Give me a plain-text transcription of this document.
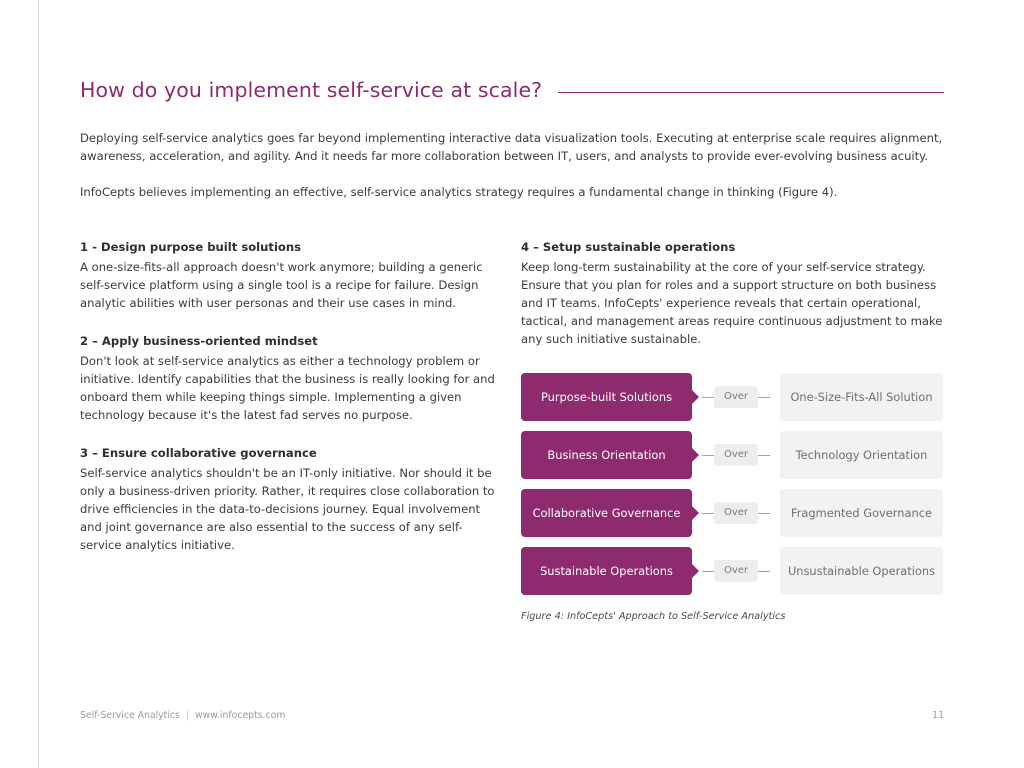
How do you implement self-service at scale?

Deploying self-service analytics goes far beyond implementing interactive data visualization tools. Executing at enterprise scale requires alignment, awareness, acceleration, and agility. And it needs far more collaboration between IT, users, and analysts to provide ever-evolving business acuity.

InfoCepts believes implementing an effective, self-service analytics strategy requires a fundamental change in thinking (Figure 4).

1 - Design purpose built solutions
A one-size-fits-all approach doesn't work anymore; building a generic self-service platform using a single tool is a recipe for failure. Design analytic abilities with user personas and their use cases in mind.
2 – Apply business-oriented mindset
Don't look at self-service analytics as either a technology problem or initiative. Identify capabilities that the business is really looking for and onboard them while keeping things simple. Implementing a given technology because it's the latest fad serves no purpose.
3 – Ensure collaborative governance
Self-service analytics shouldn't be an IT-only initiative. Nor should it be only a business-driven priority. Rather, it requires close collaboration to drive efficiencies in the data-to-decisions journey. Equal involvement and joint governance are also essential to the success of any self-service analytics initiative.
4 – Setup sustainable operations
Keep long-term sustainability at the core of your self-service strategy. Ensure that you plan for roles and a support structure on both business and IT teams. InfoCepts' experience reveals that certain operational, tactical, and management areas require continuous adjustment to make any such initiative sustainable.
Purpose-built Solutions	Over	One-Size-Fits-All Solution
Business Orientation	Over	Technology Orientation
Collaborative Governance	Over	Fragmented Governance
Sustainable Operations	Over	Unsustainable Operations
Figure 4: InfoCepts' Approach to Self-Service Analytics
Self-Service Analytics | www.infocepts.com	11
